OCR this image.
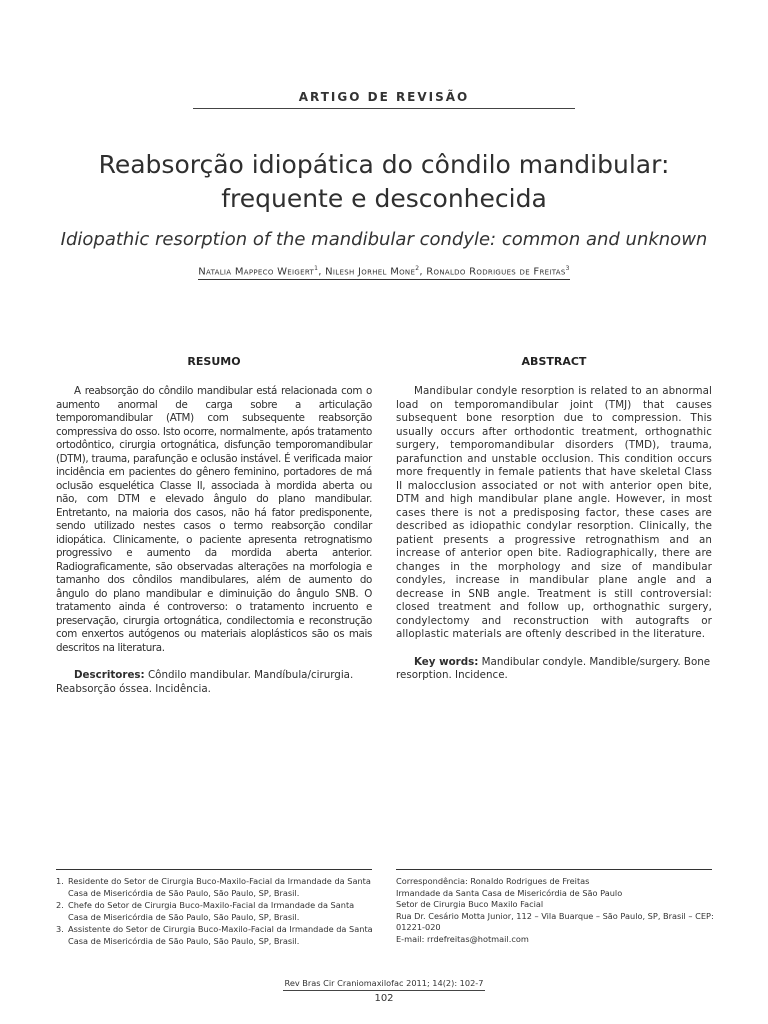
ARTIGO DE REVISÃO
Reabsorção idiopática do côndilo mandibular:
frequente e desconhecida
Idiopathic resorption of the mandibular condyle: common and unknown
Natalia Mappeco Weigert$^1$, Nilesh Jorhel Mone$^2$, Ronaldo Rodrigues de Freitas$^3$
RESUMO

A reabsorção do côndilo mandibular está relacionada com o aumento anormal de carga sobre a articulação temporomandibular (ATM) com subsequente reabsorção compressiva do osso. Isto ocorre, normalmente, após tratamento ortodôntico, cirurgia ortognática, disfunção temporomandibular (DTM), trauma, parafunção e oclusão instável. É verificada maior incidência em pacientes do gênero feminino, portadores de má oclusão esquelética Classe II, associada à mordida aberta ou não, com DTM e elevado ângulo do plano mandibular. Entretanto, na maioria dos casos, não há fator predisponente, sendo utilizado nestes casos o termo reabsorção condilar idiopática. Clinicamente, o paciente apresenta retrognatismo progressivo e aumento da mordida aberta anterior. Radiograficamente, são observadas alterações na morfologia e tamanho dos côndilos mandibulares, além de aumento do ângulo do plano mandibular e diminuição do ângulo SNB. O tratamento ainda é controverso: o tratamento incruento e preservação, cirurgia ortognática, condilectomia e reconstrução com enxertos autógenos ou materiais aloplásticos são os mais descritos na literatura.

Descritores: Côndilo mandibular. Mandíbula/cirurgia. Reabsorção óssea. Incidência.
ABSTRACT

Mandibular condyle resorption is related to an abnormal load on temporomandibular joint (TMJ) that causes subsequent bone resorption due to compression. This usually occurs after orthodontic treatment, orthognathic surgery, temporomandibular disorders (TMD), trauma, parafunction and unstable occlusion. This condition occurs more frequently in female patients that have skeletal Class II malocclusion associated or not with anterior open bite, DTM and high mandibular plane angle. However, in most cases there is not a predisposing factor, these cases are described as idiopathic condylar resorption. Clinically, the patient presents a progressive retrognathism and an increase of anterior open bite. Radiographically, there are changes in the morphology and size of mandibular condyles, increase in mandibular plane angle and a decrease in SNB angle. Treatment is still controversial: closed treatment and follow up, orthognathic surgery, condylectomy and reconstruction with autografts or alloplastic materials are oftenly described in the literature.

Key words: Mandibular condyle. Mandible/surgery. Bone resorption. Incidence.
1. Residente do Setor de Cirurgia Buco-Maxilo-Facial da Irmandade da Santa Casa de Misericórdia de São Paulo, São Paulo, SP, Brasil.
2. Chefe do Setor de Cirurgia Buco-Maxilo-Facial da Irmandade da Santa Casa de Misericórdia de São Paulo, São Paulo, SP, Brasil.
3. Assistente do Setor de Cirurgia Buco-Maxilo-Facial da Irmandade da Santa Casa de Misericórdia de São Paulo, São Paulo, SP, Brasil.
Correspondência: Ronaldo Rodrigues de Freitas
Irmandade da Santa Casa de Misericórdia de São Paulo
Setor de Cirurgia Buco Maxilo Facial
Rua Dr. Cesário Motta Junior, 112 – Vila Buarque – São Paulo, SP, Brasil – CEP: 01221-020
E-mail: rrdefreitas@hotmail.com
Rev Bras Cir Craniomaxilofac 2011; 14(2): 102-7
102
